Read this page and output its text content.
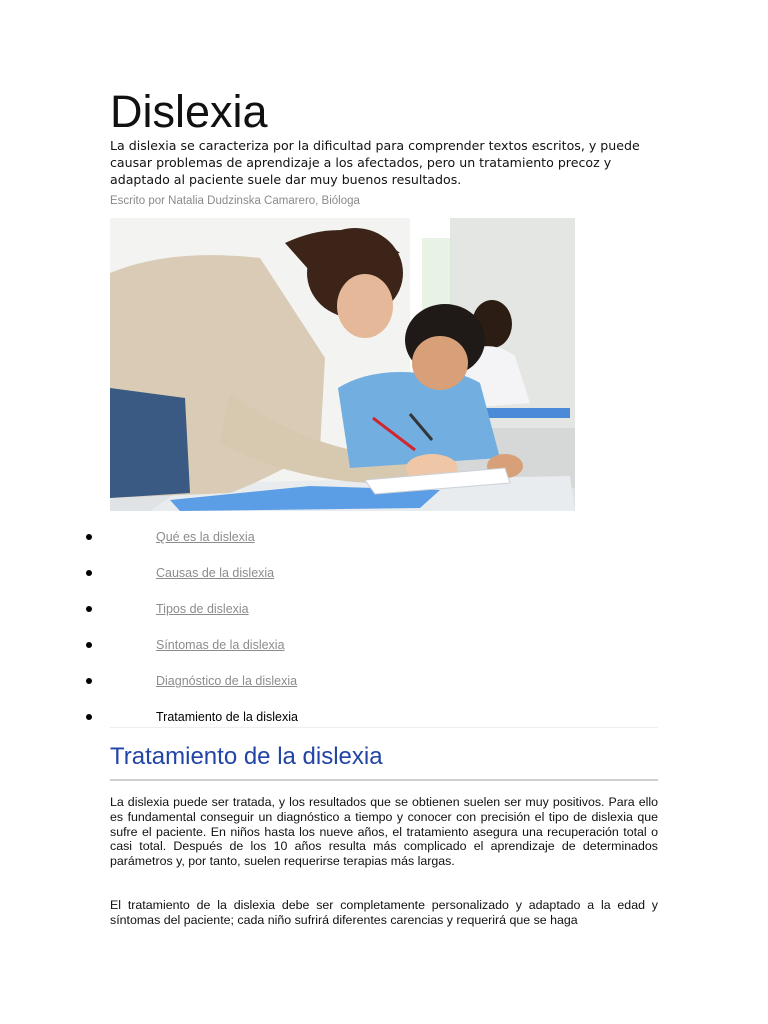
Dislexia

La dislexia se caracteriza por la dificultad para comprender textos escritos, y puede causar problemas de aprendizaje a los afectados, pero un tratamiento precoz y adaptado al paciente suele dar muy buenos resultados.

Escrito por Natalia Dudzinska Camarero, Bióloga

Qué es la dislexia
Causas de la dislexia
Tipos de dislexia
Síntomas de la dislexia
Diagnóstico de la dislexia
Tratamiento de la dislexia
Tratamiento de la dislexia

La dislexia puede ser tratada, y los resultados que se obtienen suelen ser muy positivos. Para ello es fundamental conseguir un diagnóstico a tiempo y conocer con precisión el tipo de dislexia que sufre el paciente. En niños hasta los nueve años, el tratamiento asegura una recuperación total o casi total. Después de los 10 años resulta más complicado el aprendizaje de determinados parámetros y, por tanto, suelen requerirse terapias más largas.

El tratamiento de la dislexia debe ser completamente personalizado y adaptado a la edad y síntomas del paciente; cada niño sufrirá diferentes carencias y requerirá que se haga
